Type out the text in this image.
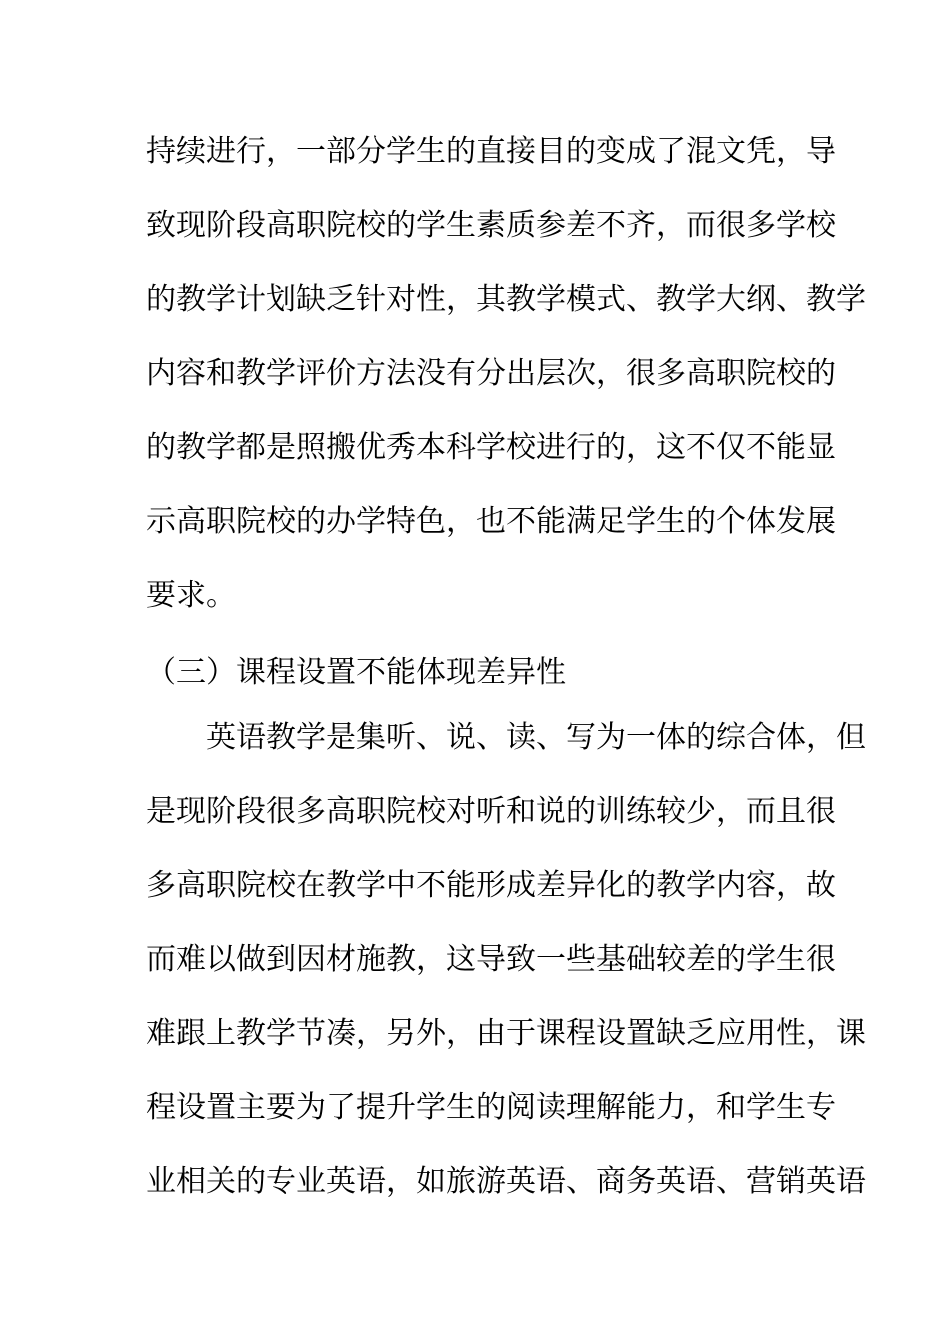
持续进行，一部分学生的直接目的变成了混文凭，导
致现阶段高职院校的学生素质参差不齐，而很多学校
的教学计划缺乏针对性，其教学模式、教学大纲、教学
内容和教学评价方法没有分出层次，很多高职院校的
的教学都是照搬优秀本科学校进行的，这不仅不能显
示高职院校的办学特色，也不能满足学生的个体发展
要求。
（三）课程设置不能体现差异性
英语教学是集听、说、读、写为一体的综合体，但
是现阶段很多高职院校对听和说的训练较少，而且很
多高职院校在教学中不能形成差异化的教学内容，故
而难以做到因材施教，这导致一些基础较差的学生很
难跟上教学节凑，另外，由于课程设置缺乏应用性，课
程设置主要为了提升学生的阅读理解能力，和学生专
业相关的专业英语，如旅游英语、商务英语、营销英语
